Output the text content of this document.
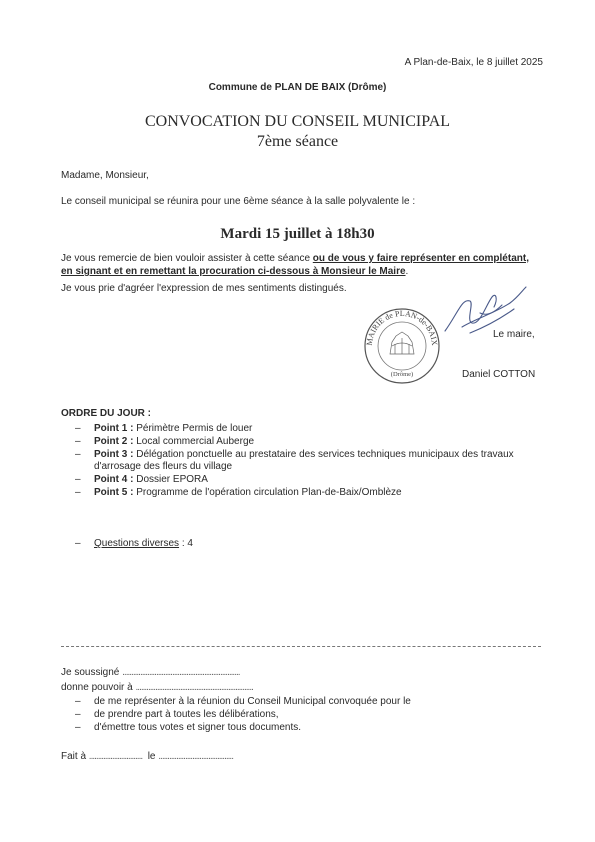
A Plan-de-Baix, le 8 juillet 2025
Commune de PLAN DE BAIX (Drôme)
CONVOCATION DU CONSEIL MUNICIPAL
7ème séance
Madame, Monsieur,
Le conseil municipal se réunira pour une 6ème séance à la salle polyvalente le :
Mardi 15 juillet à 18h30
Je vous remercie de bien vouloir assister à cette séance ou de vous y faire représenter en complétant, en signant et en remettant la procuration ci-dessous à Monsieur le Maire.
Je vous prie d'agréer l'expression de mes sentiments distingués.
MAIRIE de PLAN-de-BAIX
(Drôme)
Le maire,
Daniel COTTON
ORDRE DU JOUR :
– Point 1 : Périmètre Permis de louer
– Point 2 : Local commercial Auberge
– Point 3 : Délégation ponctuelle au prestataire des services techniques municipaux des travaux d'arrosage des fleurs du village
– Point 4 : Dossier EPORA
– Point 5 : Programme de l'opération circulation Plan-de-Baix/Omblèze
– Questions diverses : 4
Je soussigné ..................................................................
donne pouvoir à ..................................................................
– de me représenter à la réunion du Conseil Municipal convoquée pour le
– de prendre part à toutes les délibérations,
– d'émettre tous votes et signer tous documents.
Fait à ..............................  le ..........................................
